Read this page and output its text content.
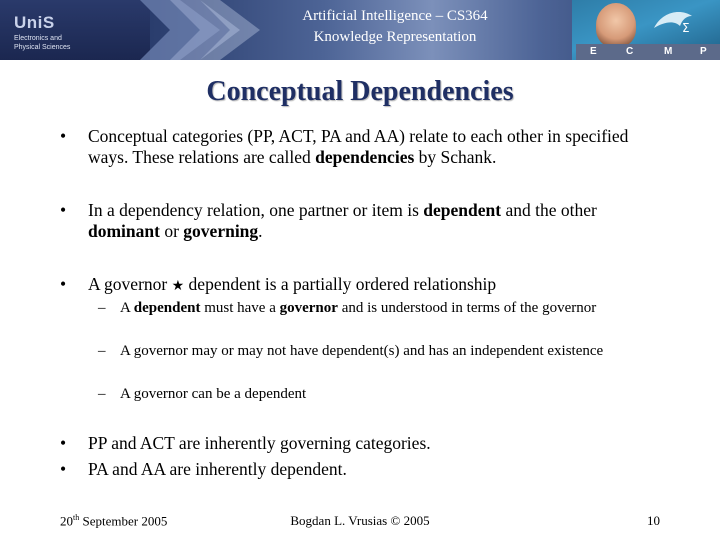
UniS
Electronics and
Physical Sciences
Artificial Intelligence – CS364
Knowledge Representation
Σ
E	C	M	P
Conceptual Dependencies
• Conceptual categories (PP, ACT, PA and AA) relate to each other in specified ways. These relations are called dependencies by Schank.
• In a dependency relation, one partner or item is dependent and the other dominant or governing.
• A governor ★ dependent is a partially ordered relationship
– A dependent must have a governor and is understood in terms of the governor
– A governor may or may not have dependent(s) and has an independent existence
– A governor can be a dependent
• PP and ACT are inherently governing categories.
• PA and AA are inherently dependent.
20th September 2005	Bogdan L. Vrusias © 2005	10
